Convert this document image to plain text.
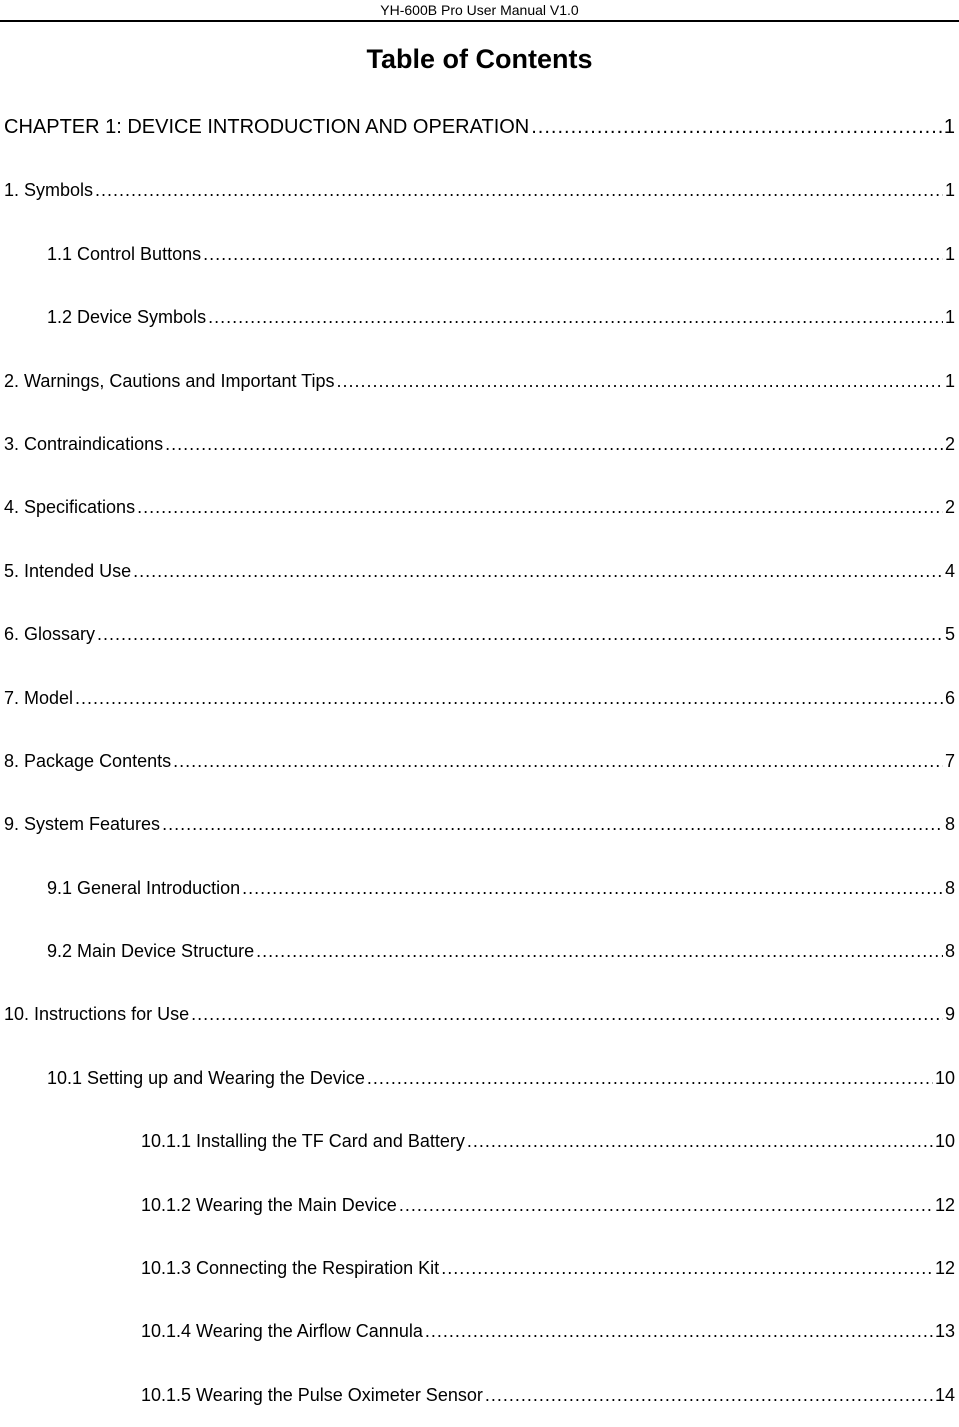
YH-600B Pro User Manual V1.0
Table of Contents
CHAPTER 1: DEVICE INTRODUCTION AND OPERATION .....	1
1. Symbols .....	1
1.1 Control Buttons .....	1
1.2 Device Symbols .....	1
2. Warnings, Cautions and Important Tips .....	1
3. Contraindications .....	2
4. Specifications .....	2
5. Intended Use .....	4
6. Glossary .....	5
7. Model .....	6
8. Package Contents .....	7
9. System Features .....	8
9.1 General Introduction .....	8
9.2 Main Device Structure .....	8
10. Instructions for Use .....	9
10.1 Setting up and Wearing the Device .....	10
10.1.1 Installing the TF Card and Battery .....	10
10.1.2 Wearing the Main Device .....	12
10.1.3 Connecting the Respiration Kit .....	12
10.1.4 Wearing the Airflow Cannula .....	13
10.1.5 Wearing the Pulse Oximeter Sensor .....	14
